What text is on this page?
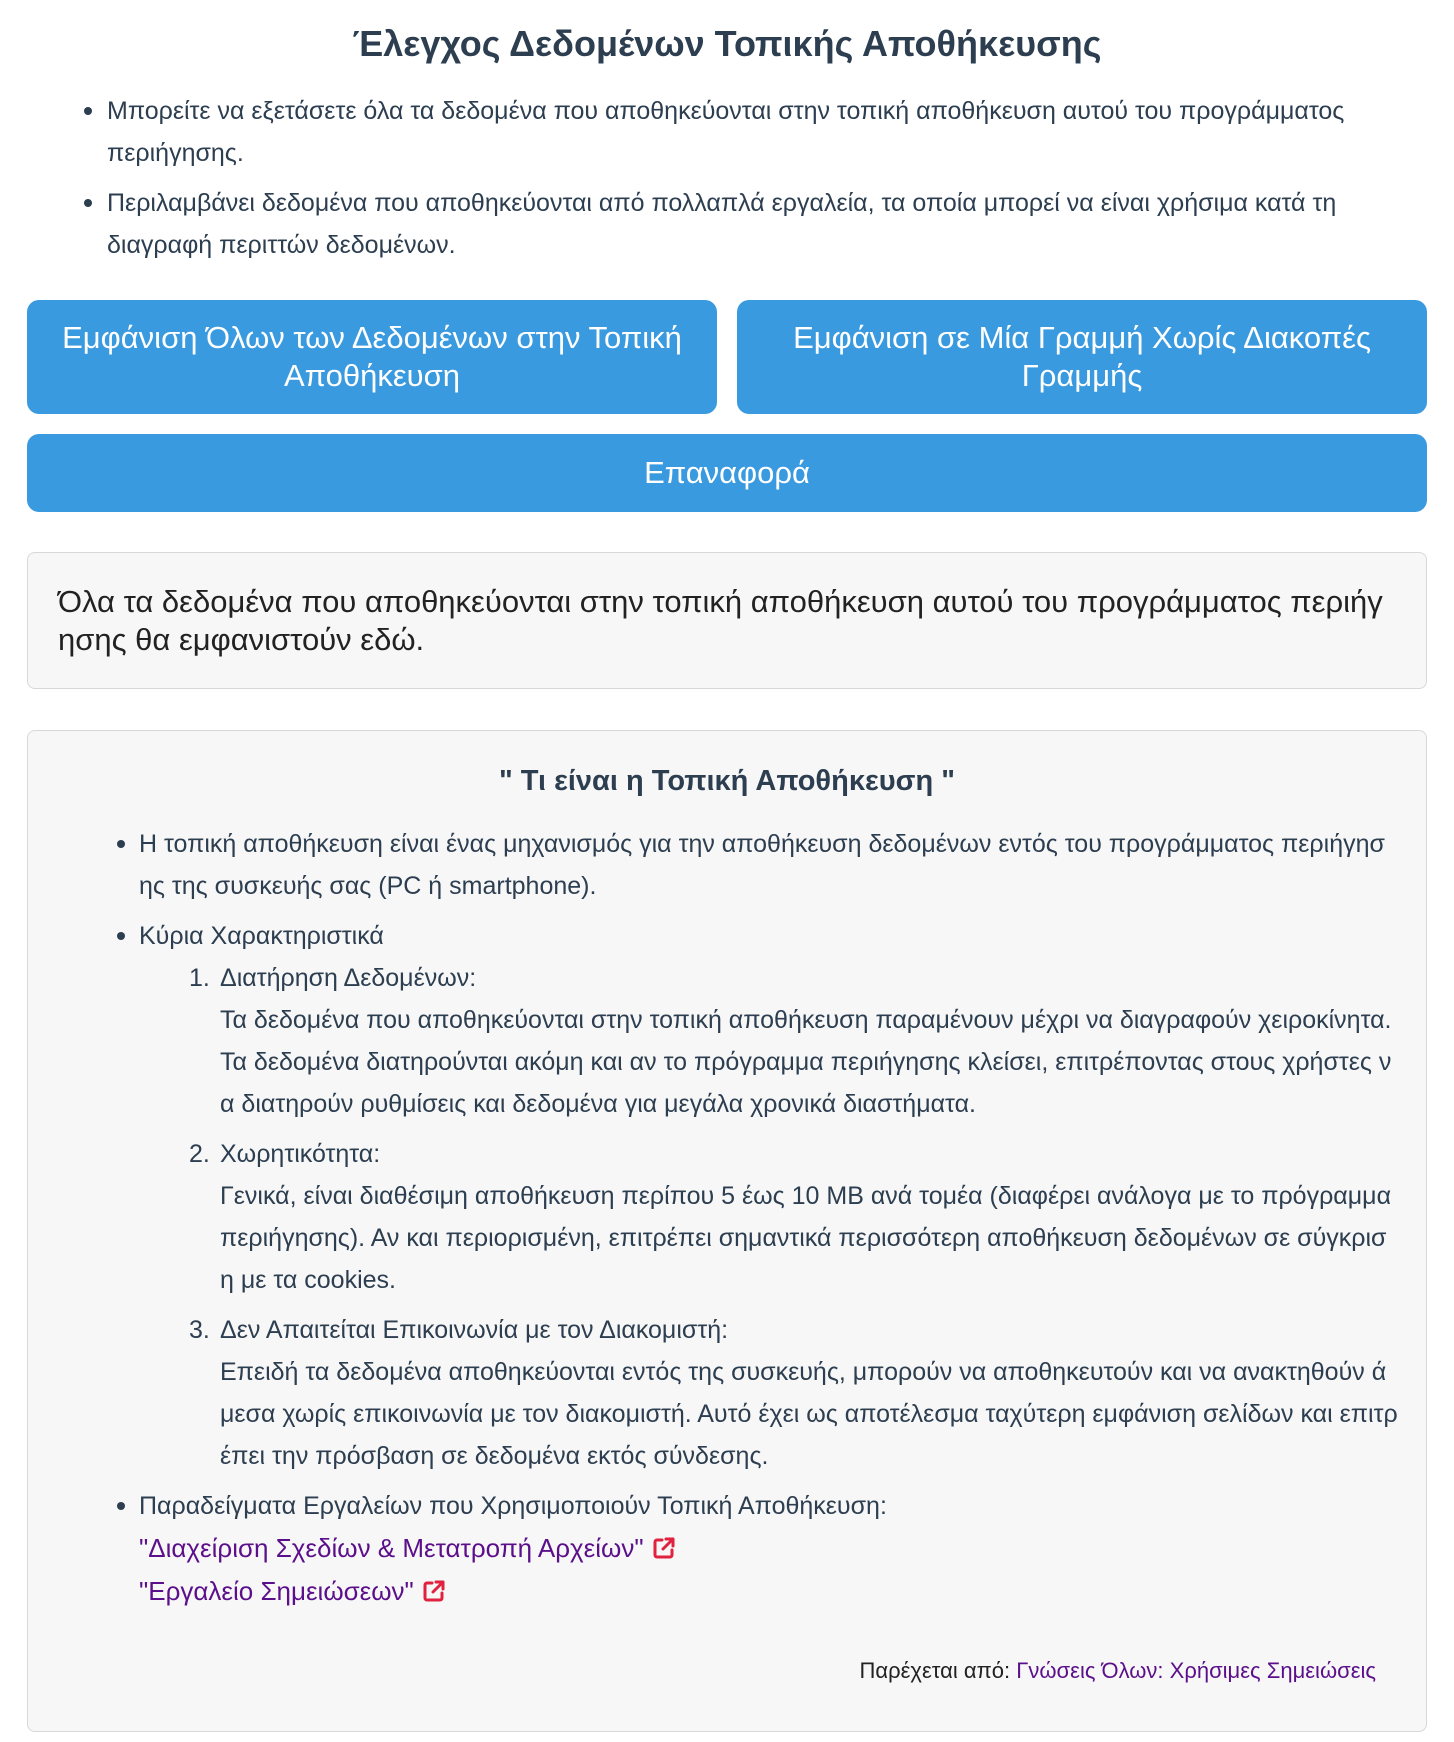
Έλεγχος Δεδομένων Τοπικής Αποθήκευσης
Μπορείτε να εξετάσετε όλα τα δεδομένα που αποθηκεύονται στην τοπική αποθήκευση αυτού του προγράμματος περιήγησης.
Περιλαμβάνει δεδομένα που αποθηκεύονται από πολλαπλά εργαλεία, τα οποία μπορεί να είναι χρήσιμα κατά τη διαγραφή περιττών δεδομένων.
Εμφάνιση Όλων των Δεδομένων στην Τοπική Αποθήκευση
Εμφάνιση σε Μία Γραμμή Χωρίς Διακοπές Γραμμής
Επαναφορά
Όλα τα δεδομένα που αποθηκεύονται στην τοπική αποθήκευση αυτού του προγράμματος περιήγησης θα εμφανιστούν εδώ.
" Τι είναι η Τοπική Αποθήκευση "
Η τοπική αποθήκευση είναι ένας μηχανισμός για την αποθήκευση δεδομένων εντός του προγράμματος περιήγησης της συσκευής σας (PC ή smartphone).
Κύρια Χαρακτηριστικά
1. Διατήρηση Δεδομένων:
Τα δεδομένα που αποθηκεύονται στην τοπική αποθήκευση παραμένουν μέχρι να διαγραφούν χειροκίνητα. Τα δεδομένα διατηρούνται ακόμη και αν το πρόγραμμα περιήγησης κλείσει, επιτρέποντας στους χρήστες να διατηρούν ρυθμίσεις και δεδομένα για μεγάλα χρονικά διαστήματα.
2. Χωρητικότητα:
Γενικά, είναι διαθέσιμη αποθήκευση περίπου 5 έως 10 MB ανά τομέα (διαφέρει ανάλογα με το πρόγραμμα περιήγησης). Αν και περιορισμένη, επιτρέπει σημαντικά περισσότερη αποθήκευση δεδομένων σε σύγκριση με τα cookies.
3. Δεν Απαιτείται Επικοινωνία με τον Διακομιστή:
Επειδή τα δεδομένα αποθηκεύονται εντός της συσκευής, μπορούν να αποθηκευτούν και να ανακτηθούν άμεσα χωρίς επικοινωνία με τον διακομιστή. Αυτό έχει ως αποτέλεσμα ταχύτερη εμφάνιση σελίδων και επιτρέπει την πρόσβαση σε δεδομένα εκτός σύνδεσης.
Παραδείγματα Εργαλείων που Χρησιμοποιούν Τοπική Αποθήκευση:

"Διαχείριση Σχεδίων & Μετατροπή Αρχείων"

"Εργαλείο Σημειώσεων"
Παρέχεται από: Γνώσεις Όλων: Χρήσιμες Σημειώσεις
